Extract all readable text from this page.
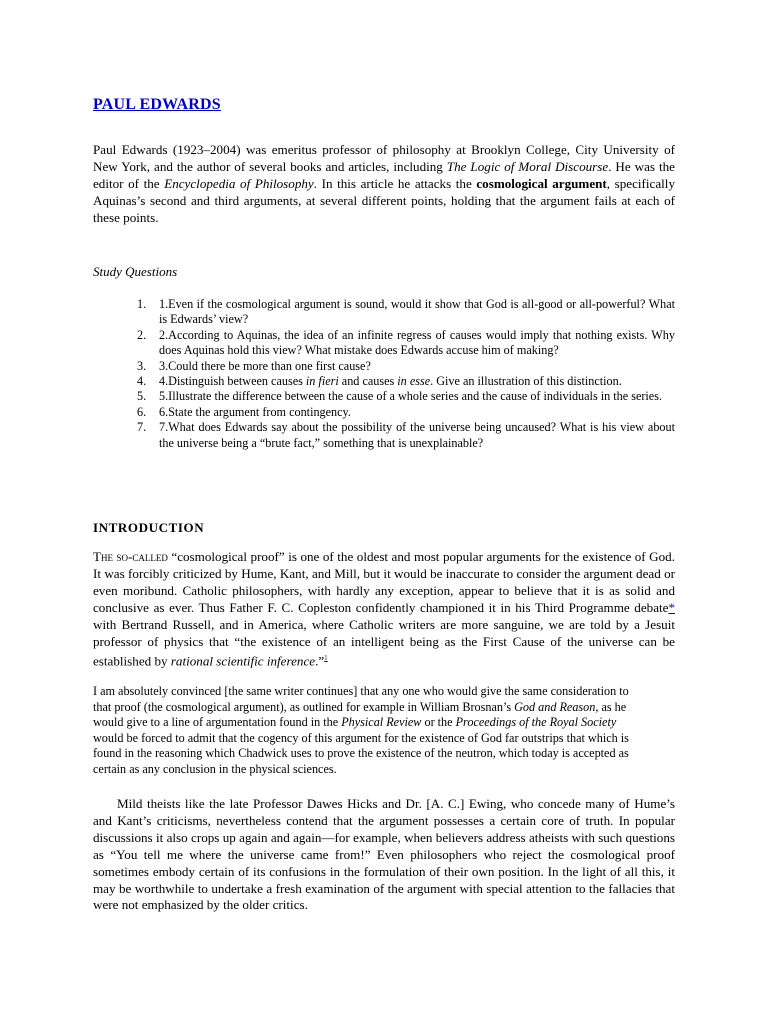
PAUL EDWARDS

Paul Edwards (1923–2004) was emeritus professor of philosophy at Brooklyn College, City University of New York, and the author of several books and articles, including The Logic of Moral Discourse. He was the editor of the Encyclopedia of Philosophy. In this article he attacks the cosmological argument, specifically Aquinas’s second and third arguments, at several different points, holding that the argument fails at each of these points.

Study Questions

1. 1.Even if the cosmological argument is sound, would it show that God is all-good or all-powerful? What is Edwards’ view?
2. 2.According to Aquinas, the idea of an infinite regress of causes would imply that nothing exists. Why does Aquinas hold this view? What mistake does Edwards accuse him of making?
3. 3.Could there be more than one first cause?
4. 4.Distinguish between causes in fieri and causes in esse. Give an illustration of this distinction.
5. 5.Illustrate the difference between the cause of a whole series and the cause of individuals in the series.
6. 6.State the argument from contingency.
7. 7.What does Edwards say about the possibility of the universe being uncaused? What is his view about the universe being a “brute fact,” something that is unexplainable?
INTRODUCTION

The so-called “cosmological proof” is one of the oldest and most popular arguments for the existence of God. It was forcibly criticized by Hume, Kant, and Mill, but it would be inaccurate to consider the argument dead or even moribund. Catholic philosophers, with hardly any exception, appear to believe that it is as solid and conclusive as ever. Thus Father F. C. Copleston confidently championed it in his Third Programme debate* with Bertrand Russell, and in America, where Catholic writers are more sanguine, we are told by a Jesuit professor of physics that “the existence of an intelligent being as the First Cause of the universe can be established by rational scientific inference.”$^1$

I am absolutely convinced [the same writer continues] that any one who would give the same consideration to that proof (the cosmological argument), as outlined for example in William Brosnan’s God and Reason, as he would give to a line of argumentation found in the Physical Review or the Proceedings of the Royal Society would be forced to admit that the cogency of this argument for the existence of God far outstrips that which is found in the reasoning which Chadwick uses to prove the existence of the neutron, which today is accepted as certain as any conclusion in the physical sciences.

Mild theists like the late Professor Dawes Hicks and Dr. [A. C.] Ewing, who concede many of Hume’s and Kant’s criticisms, nevertheless contend that the argument possesses a certain core of truth. In popular discussions it also crops up again and again—for example, when believers address atheists with such questions as “You tell me where the universe came from!” Even philosophers who reject the cosmological proof sometimes embody certain of its confusions in the formulation of their own position. In the light of all this, it may be worthwhile to undertake a fresh examination of the argument with special attention to the fallacies that were not emphasized by the older critics.
